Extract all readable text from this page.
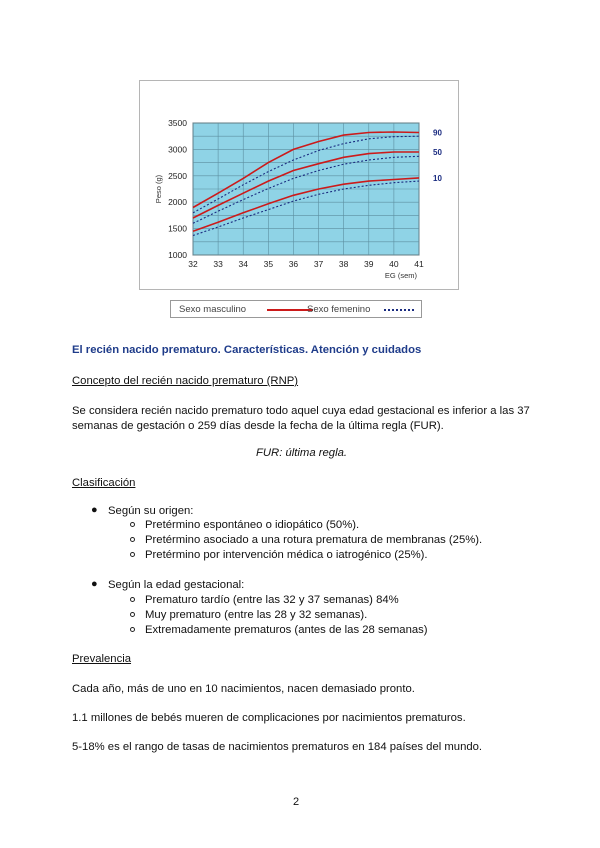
1000
1500
2000
2500
3000
3500
32 33 34 35 36 37 38 39 40 41
EG (sem)
Peso (g)
90
50
10
Sexo masculino	Sexo femenino
El recién nacido prematuro. Características. Atención y cuidados
Concepto del recién nacido prematuro (RNP)
Se considera recién nacido prematuro todo aquel cuya edad gestacional es inferior a las 37
semanas de gestación o 259 días desde la fecha de la última regla (FUR).
FUR: última regla.
Clasificación
● Según su origen:
Pretérmino espontáneo o idiopático (50%).
Pretérmino asociado a una rotura prematura de membranas (25%).
Pretérmino por intervención médica o iatrogénico (25%).
● Según la edad gestacional:
Prematuro tardío (entre las 32 y 37 semanas) 84%
Muy prematuro (entre las 28 y 32 semanas).
Extremadamente prematuros (antes de las 28 semanas)
Prevalencia
Cada año, más de uno en 10 nacimientos, nacen demasiado pronto.
1.1 millones de bebés mueren de complicaciones por nacimientos prematuros.
5-18% es el rango de tasas de nacimientos prematuros en 184 países del mundo.
2
